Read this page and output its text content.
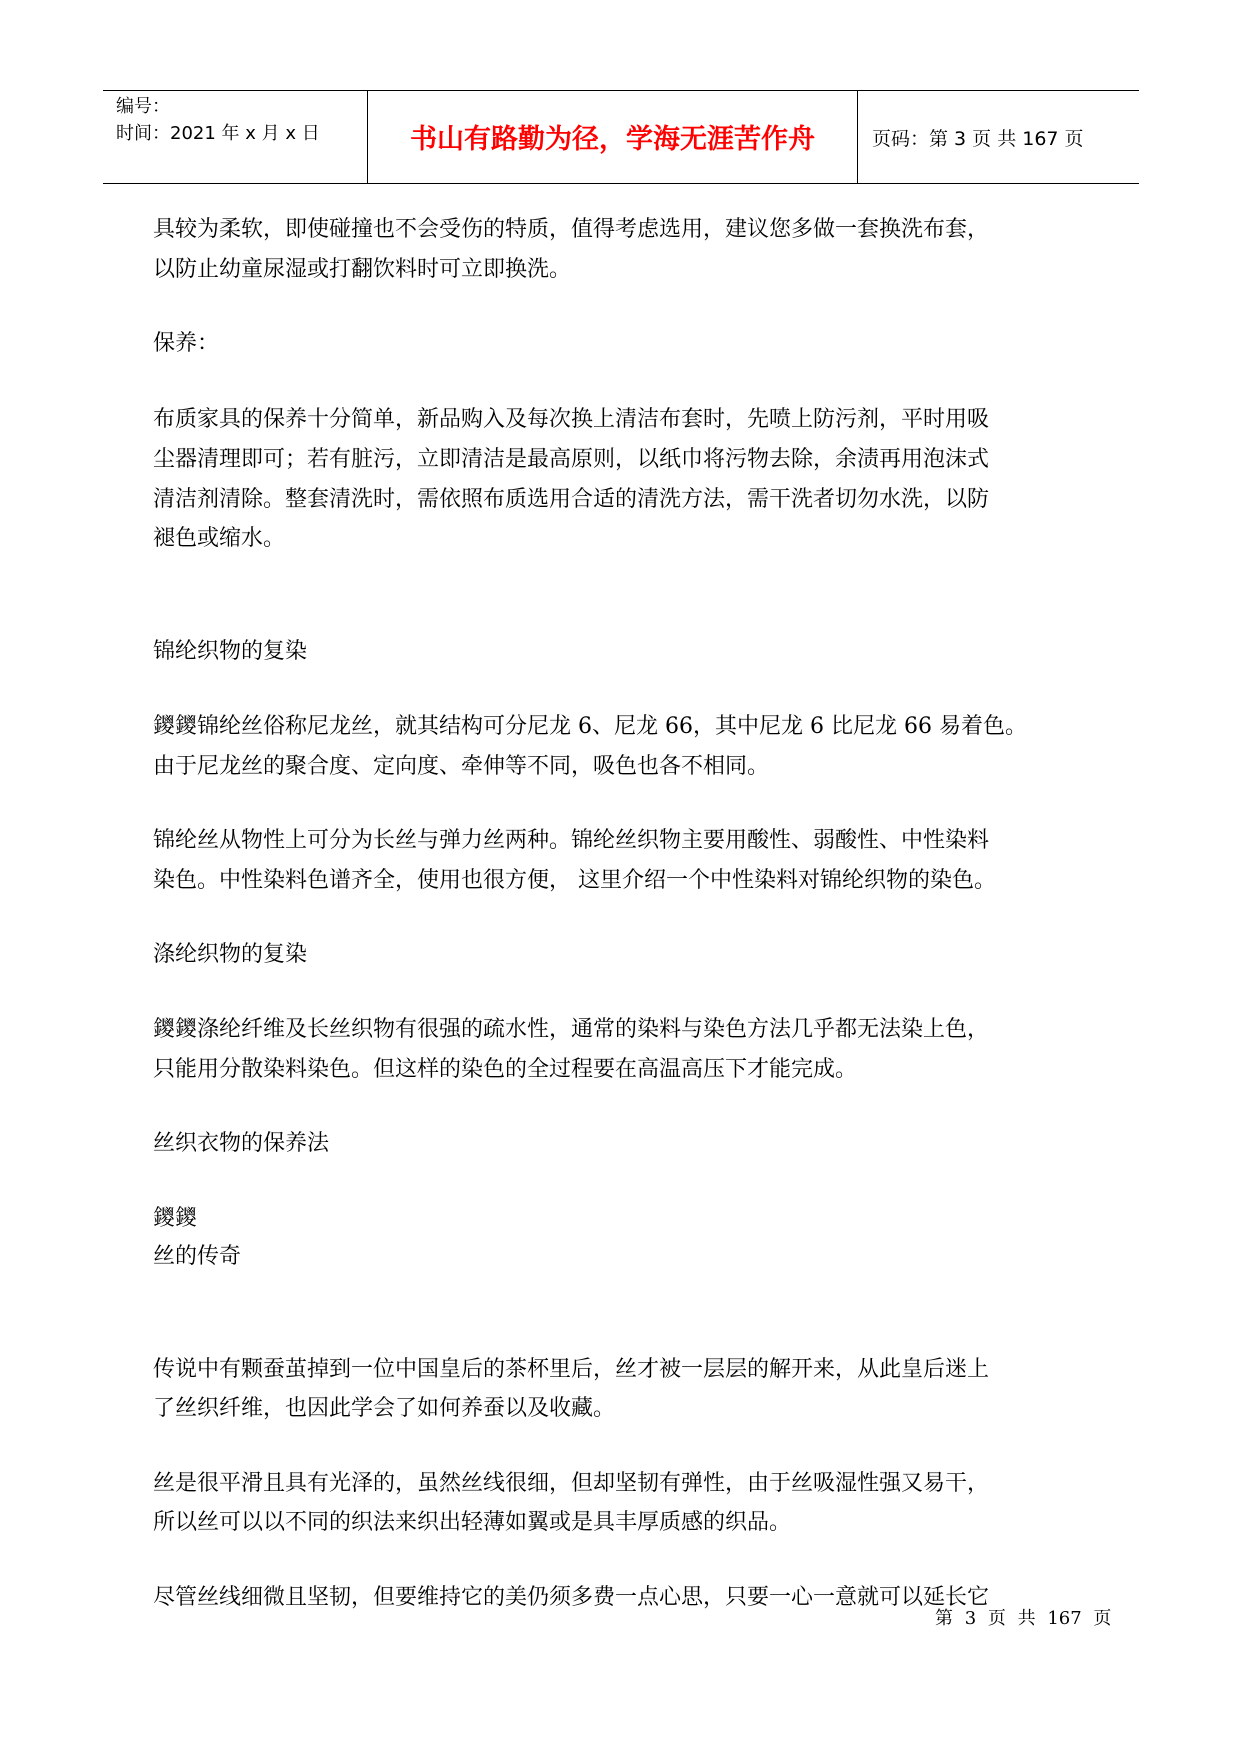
编号：
时间：2021 年 x 月 x 日	书山有路勤为径，学海无涯苦作舟	页码：第 3 页 共 167 页
具较为柔软，即使碰撞也不会受伤的特质，值得考虑选用，建议您多做一套换洗布套，
以防止幼童尿湿或打翻饮料时可立即换洗。
保养：
布质家具的保养十分简单，新品购入及每次换上清洁布套时，先喷上防污剂，平时用吸
尘器清理即可；若有脏污，立即清洁是最高原则，以纸巾将污物去除，余渍再用泡沫式
清洁剂清除。整套清洗时，需依照布质选用合适的清洗方法，需干洗者切勿水洗，以防
褪色或缩水。
锦纶织物的复染
鑁鑁锦纶丝俗称尼龙丝，就其结构可分尼龙 6、尼龙 66，其中尼龙 6 比尼龙 66 易着色。
由于尼龙丝的聚合度、定向度、牵伸等不同，吸色也各不相同。
锦纶丝从物性上可分为长丝与弹力丝两种。锦纶丝织物主要用酸性、弱酸性、中性染料
染色。中性染料色谱齐全，使用也很方便， 这里介绍一个中性染料对锦纶织物的染色。
涤纶织物的复染
鑁鑁涤纶纤维及长丝织物有很强的疏水性，通常的染料与染色方法几乎都无法染上色，
只能用分散染料染色。但这样的染色的全过程要在高温高压下才能完成。
丝织衣物的保养法
鑁鑁
丝的传奇
传说中有颗蚕茧掉到一位中国皇后的茶杯里后，丝才被一层层的解开来，从此皇后迷上
了丝织纤维，也因此学会了如何养蚕以及收藏。
丝是很平滑且具有光泽的，虽然丝线很细，但却坚韧有弹性，由于丝吸湿性强又易干，
所以丝可以以不同的织法来织出轻薄如翼或是具丰厚质感的织品。
尽管丝线细微且坚韧，但要维持它的美仍须多费一点心思，只要一心一意就可以延长它
第 3 页 共 167 页
